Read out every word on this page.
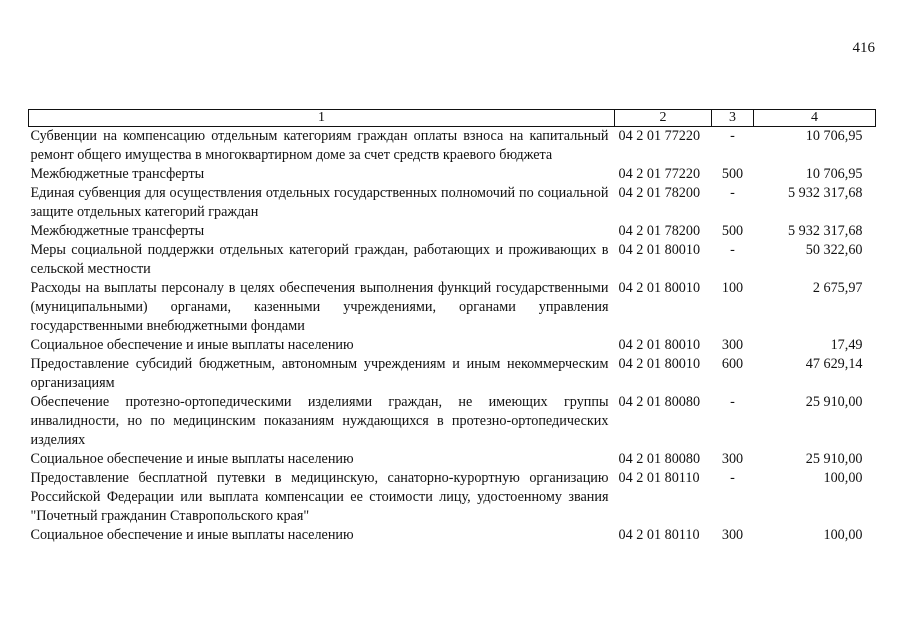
416
1	2	3	4
Субвенции на компенсацию отдельным категориям граждан оплаты взноса на капитальный ремонт общего имущества в многоквартирном доме за счет средств краевого бюджета	04 2 01 77220	-	10 706,95
Межбюджетные трансферты	04 2 01 77220	500	10 706,95
Единая субвенция для осуществления отдельных государственных полномочий по социальной защите отдельных категорий граждан	04 2 01 78200	-	5 932 317,68
Межбюджетные трансферты	04 2 01 78200	500	5 932 317,68
Меры социальной поддержки отдельных категорий граждан, работающих и проживающих в сельской местности	04 2 01 80010	-	50 322,60
Расходы на выплаты персоналу в целях обеспечения выполнения функций государственными (муниципальными) органами, казенными учреждениями, органами управления государственными внебюджетными фондами	04 2 01 80010	100	2 675,97
Социальное обеспечение и иные выплаты населению	04 2 01 80010	300	17,49
Предоставление субсидий бюджетным, автономным учреждениям и иным некоммерческим организациям	04 2 01 80010	600	47 629,14
Обеспечение протезно-ортопедическими изделиями граждан, не имеющих группы инвалидности, но по медицинским показаниям нуждающихся в протезно-ортопедических изделиях	04 2 01 80080	-	25 910,00
Социальное обеспечение и иные выплаты населению	04 2 01 80080	300	25 910,00
Предоставление бесплатной путевки в медицинскую, санаторно-курортную организацию Российской Федерации или выплата компенсации ее стоимости лицу, удостоенному звания "Почетный гражданин Ставропольского края"	04 2 01 80110	-	100,00
Социальное обеспечение и иные выплаты населению	04 2 01 80110	300	100,00
